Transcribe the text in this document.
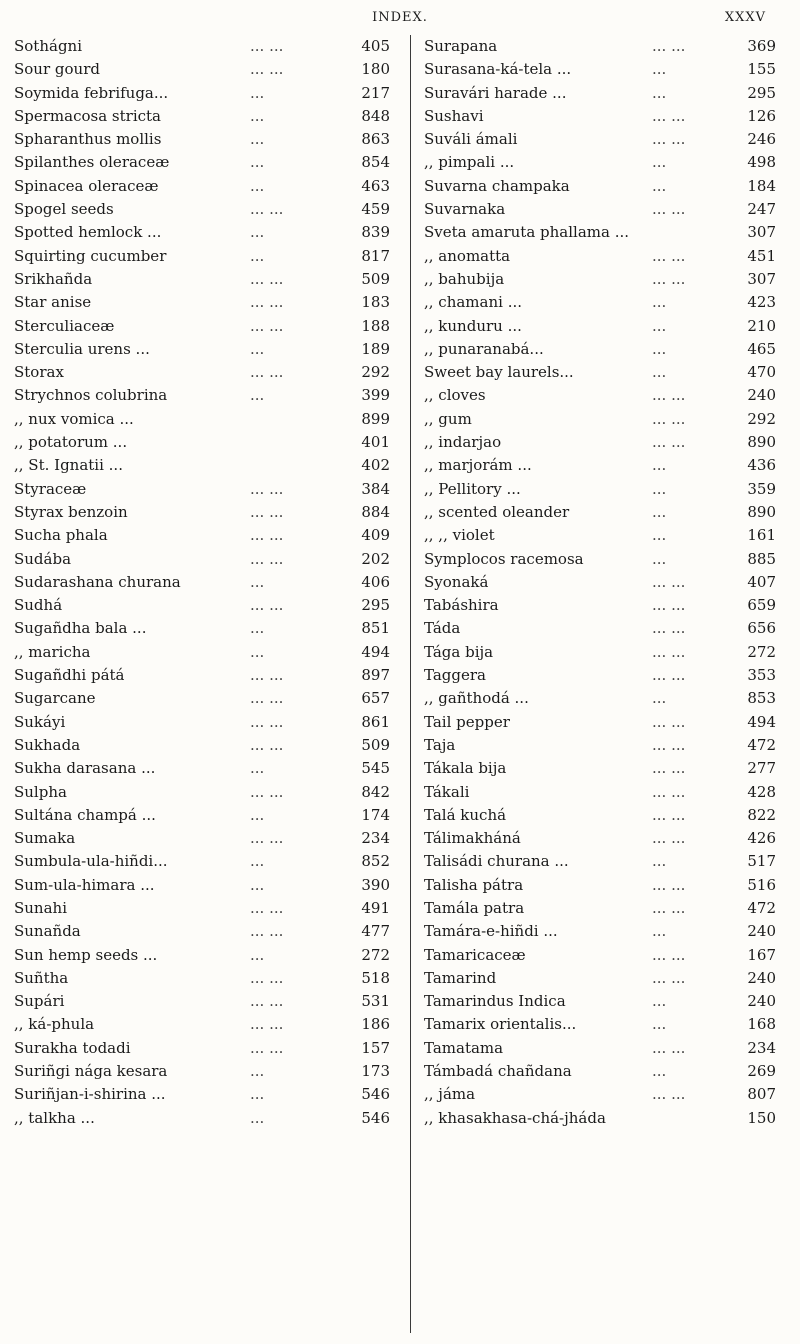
INDEX.	XXXV
Sothágni	... ...	405
Sour gourd	... ...	180
Soymida febrifuga...	...	217
Spermacosa stricta	...	848
Spharanthus mollis	...	863
Spilanthes oleraceæ	...	854
Spinacea oleraceæ	...	463
Spogel seeds	... ...	459
Spotted hemlock ...	...	839
Squirting cucumber	...	817
Srikhañda	... ...	509
Star anise	... ...	183
Sterculiaceæ	... ...	188
Sterculia urens ...	...	189
Storax	... ...	292
Strychnos colubrina	...	399
,, nux vomica ...	899
,, potatorum ...	401
,, St. Ignatii ...	402
Styraceæ	... ...	384
Styrax benzoin	... ...	884
Sucha phala	... ...	409
Sudába	... ...	202
Sudarashana churana	...	406
Sudhá	... ...	295
Sugañdha bala ...	...	851
,, maricha	...	494
Sugañdhi pátá	... ...	897
Sugarcane	... ...	657
Sukáyi	... ...	861
Sukhada	... ...	509
Sukha darasana ...	...	545
Sulpha	... ...	842
Sultána champá ...	...	174
Sumaka	... ...	234
Sumbula-ula-hiñdi...	...	852
Sum-ula-himara ...	...	390
Sunahi	... ...	491
Sunañda	... ...	477
Sun hemp seeds ...	...	272
Suñtha	... ...	518
Supári	... ...	531
,, ká-phula	... ...	186
Surakha todadi	... ...	157
Suriñgi nága kesara	...	173
Suriñjan-i-shirina ...	...	546
,, talkha ...	...	546
Surapana	... ...	369
Surasana-ká-tela ...	...	155
Suravári harade ...	...	295
Sushavi	... ...	126
Suváli ámali	... ...	246
,, pimpali ...	...	498
Suvarna champaka	...	184
Suvarnaka	... ...	247
Sveta amaruta phallama ...	307
,, anomatta	... ...	451
,, bahubija	... ...	307
,, chamani ...	...	423
,, kunduru ...	...	210
,, punaranabá...	...	465
Sweet bay laurels...	...	470
,, cloves	... ...	240
,, gum	... ...	292
,, indarjao	... ...	890
,, marjorám ...	...	436
,, Pellitory ...	...	359
,, scented oleander	...	890
,, ,, violet	...	161
Symplocos racemosa	...	885
Syonaká	... ...	407
Tabáshira	... ...	659
Táda	... ...	656
Tága bija	... ...	272
Taggera	... ...	353
,, gañthodá ...	...	853
Tail pepper	... ...	494
Taja	... ...	472
Tákala bija	... ...	277
Tákali	... ...	428
Talá kuchá	... ...	822
Tálimakháná	... ...	426
Talisádi churana ...	...	517
Talisha pátra	... ...	516
Tamála patra	... ...	472
Tamára-e-hiñdi ...	...	240
Tamaricaceæ	... ...	167
Tamarind	... ...	240
Tamarindus Indica	...	240
Tamarix orientalis...	...	168
Tamatama	... ...	234
Támbadá chañdana	...	269
,, jáma	... ...	807
,, khasakhasa-chá-jháda	150
